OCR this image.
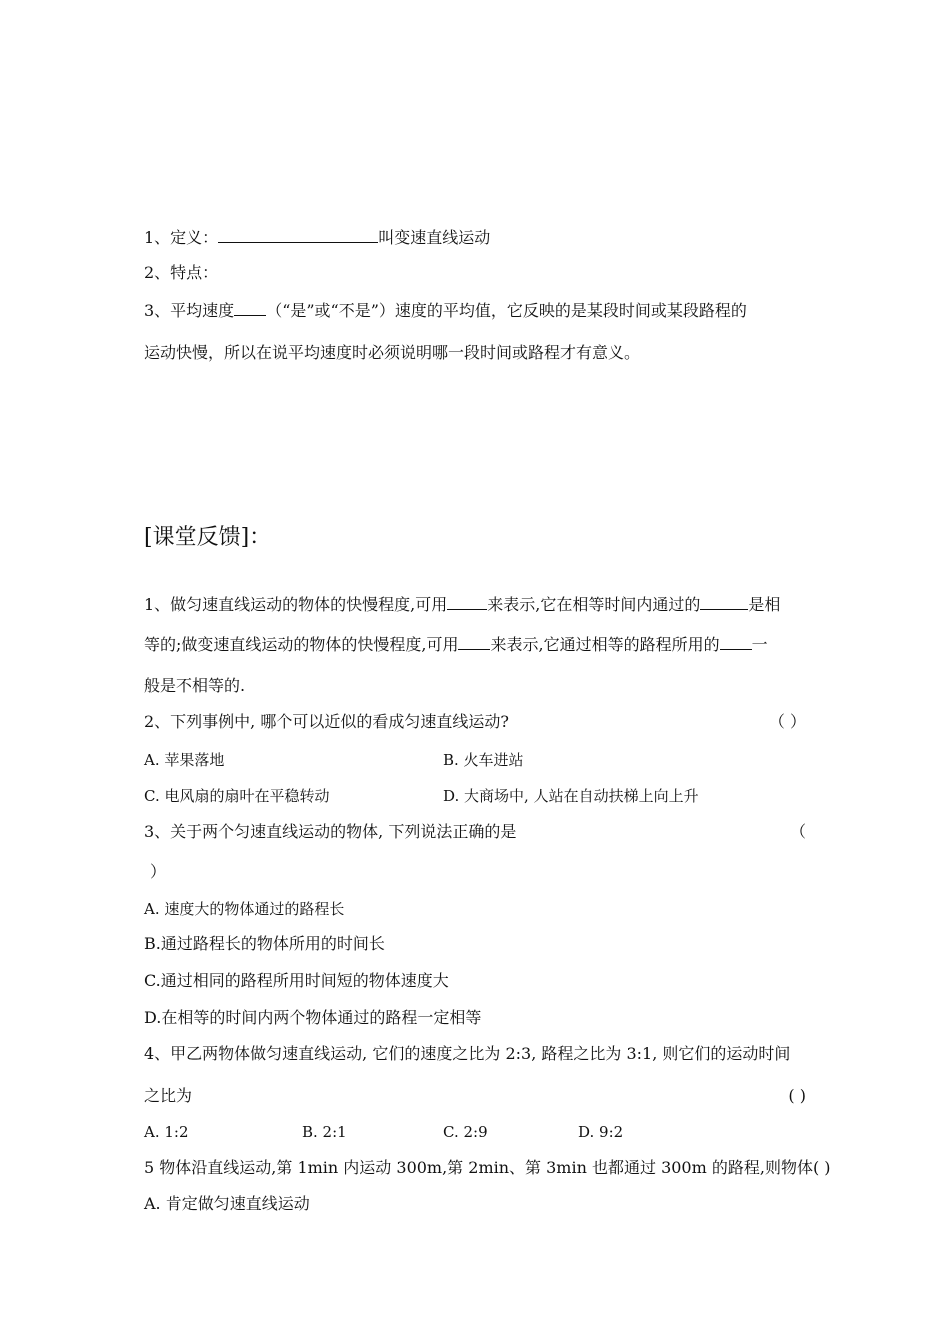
1、定义：	叫变速直线运动
2、特点：
3、平均速度 （“是”或“不是”）速度的平均值，它反映的是某段时间或某段路程的
运动快慢，所以在说平均速度时必须说明哪一段时间或路程才有意义。
[课堂反馈]：
1、做匀速直线运动的物体的快慢程度,可用	来表示,它在相等时间内通过的	是相
等的;做变速直线运动的物体的快慢程度,可用 来表示,它通过相等的路程所用的 一
般是不相等的.
2、下列事例中, 哪个可以近似的看成匀速直线运动?	（ ）
A. 苹果落地	B. 火车进站
C. 电风扇的扇叶在平稳转动	D. 大商场中, 人站在自动扶梯上向上升
3、关于两个匀速直线运动的物体, 下列说法正确的是	（
）
A. 速度大的物体通过的路程长
B.通过路程长的物体所用的时间长
C.通过相同的路程所用时间短的物体速度大
D.在相等的时间内两个物体通过的路程一定相等
4、甲乙两物体做匀速直线运动, 它们的速度之比为 2:3, 路程之比为 3:1, 则它们的运动时间
之比为	( )
A. 1:2	B. 2:1	C. 2:9	D. 9:2
5 物体沿直线运动,第 1min 内运动 300m,第 2min、第 3min 也都通过 300m 的路程,则物体( )
A. 肯定做匀速直线运动
